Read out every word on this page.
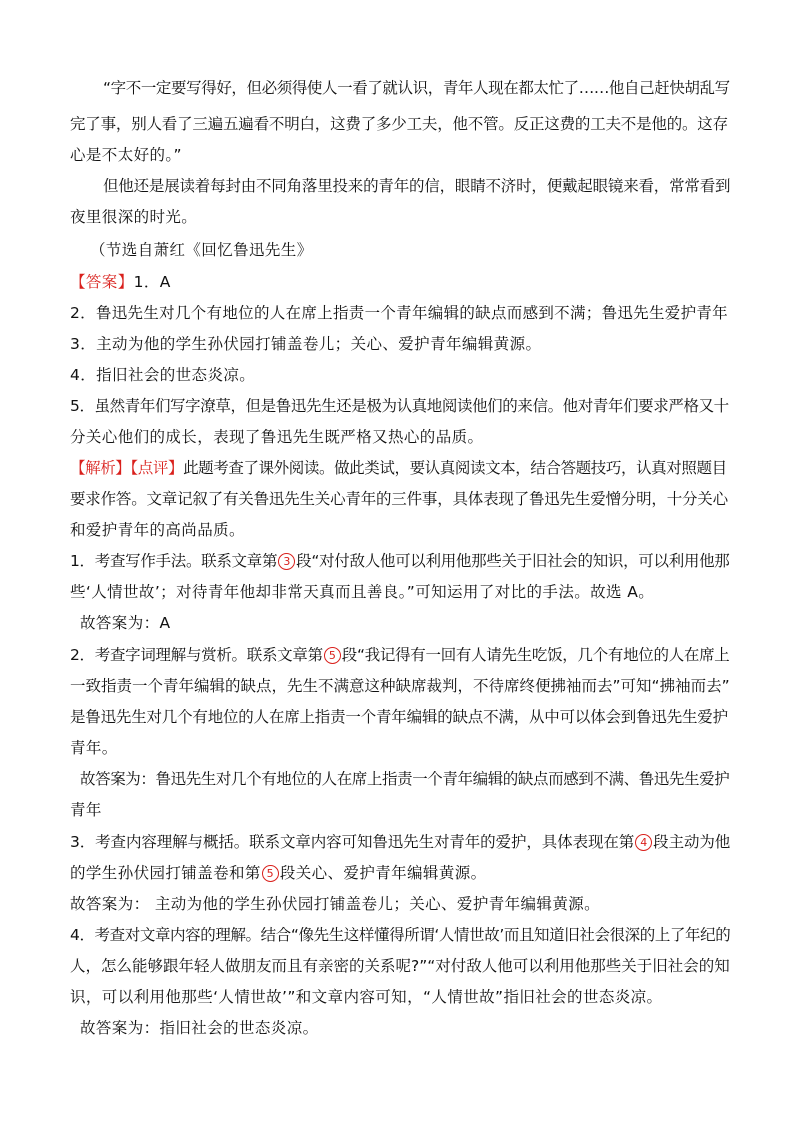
“字不一定要写得好，但必须得使人一看了就认识，青年人现在都太忙了……他自己赶快胡乱写
完了事，别人看了三遍五遍看不明白，这费了多少工夫，他不管。反正这费的工夫不是他的。这存
心是不太好的。”
但他还是展读着每封由不同角落里投来的青年的信，眼睛不济时，便戴起眼镜来看，常常看到
夜里很深的时光。
（节选自萧红《回忆鲁迅先生》
【答案】1．A
2．鲁迅先生对几个有地位的人在席上指责一个青年编辑的缺点而感到不满；鲁迅先生爱护青年
3．主动为他的学生孙伏园打铺盖卷儿；关心、爱护青年编辑黄源。
4．指旧社会的世态炎凉。
5．虽然青年们写字潦草，但是鲁迅先生还是极为认真地阅读他们的来信。他对青年们要求严格又十
分关心他们的成长，表现了鲁迅先生既严格又热心的品质。
【解析】【点评】此题考查了课外阅读。做此类试，要认真阅读文本，结合答题技巧，认真对照题目
要求作答。文章记叙了有关鲁迅先生关心青年的三件事，具体表现了鲁迅先生爱憎分明，十分关心
和爱护青年的高尚品质。
1．考查写作手法。联系文章第 3 段“对付敌人他可以利用他那些关于旧社会的知识，可以利用他那
些‘人情世故’；对待青年他却非常天真而且善良。”可知运用了对比的手法。故选 A。
故答案为：A
2．考查字词理解与赏析。联系文章第 5 段“我记得有一回有人请先生吃饭，几个有地位的人在席上
一致指责一个青年编辑的缺点，先生不满意这种缺席裁判，不待席终便拂袖而去”可知“拂袖而去”
是鲁迅先生对几个有地位的人在席上指责一个青年编辑的缺点不满，从中可以体会到鲁迅先生爱护
青年。
故答案为：鲁迅先生对几个有地位的人在席上指责一个青年编辑的缺点而感到不满、鲁迅先生爱护
青年
3．考查内容理解与概括。联系文章内容可知鲁迅先生对青年的爱护，具体表现在第 4 段主动为他
的学生孙伏园打铺盖卷和第 5 段关心、爱护青年编辑黄源。
故答案为： 主动为他的学生孙伏园打铺盖卷儿；关心、爱护青年编辑黄源。
4．考查对文章内容的理解。结合“像先生这样懂得所谓‘人情世故’而且知道旧社会很深的上了年纪的
人，怎么能够跟年轻人做朋友而且有亲密的关系呢?”“对付敌人他可以利用他那些关于旧社会的知
识，可以利用他那些‘人情世故’”和文章内容可知，“人情世故”指旧社会的世态炎凉。
故答案为：指旧社会的世态炎凉。
